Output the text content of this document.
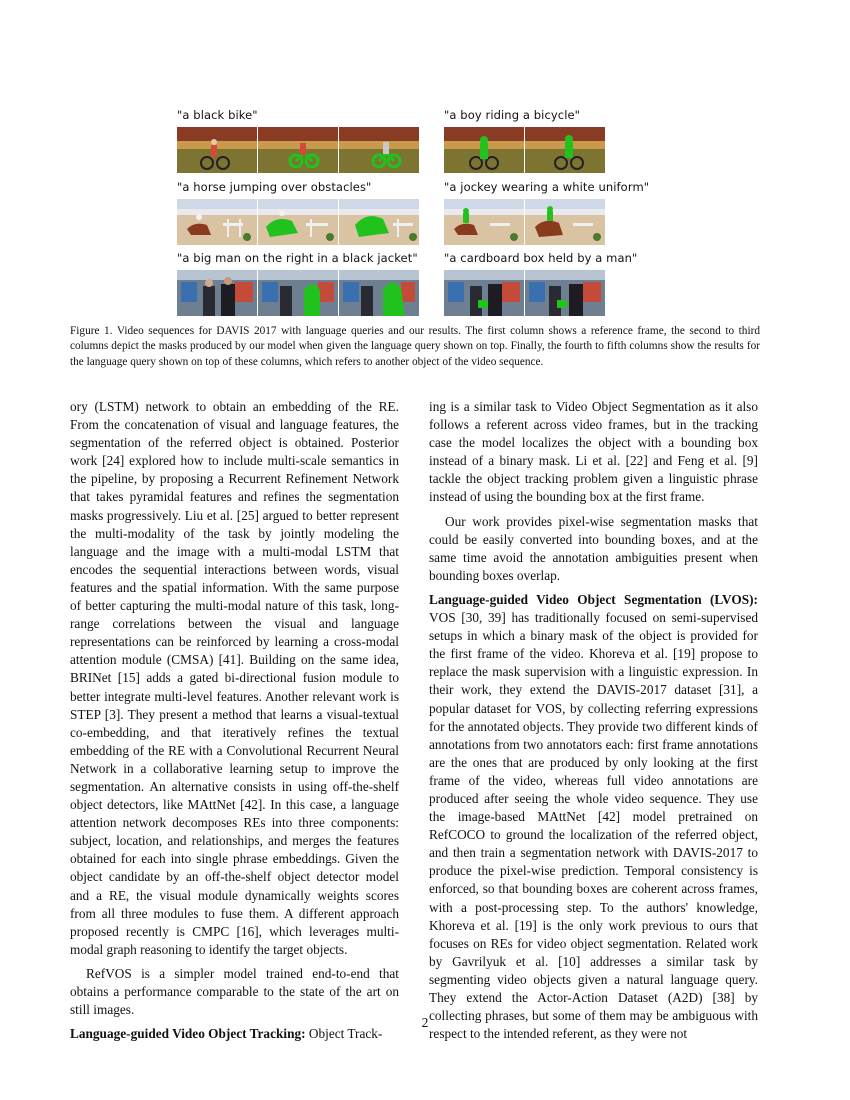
"a black bike"	"a boy riding a bicycle"
"a horse jumping over obstacles"	"a jockey wearing a white uniform"
"a big man on the right in a black jacket" "a cardboard box held by a man"
Figure 1. Video sequences for DAVIS 2017 with language queries and our results. The first column shows a reference frame, the second to third columns depict the masks produced by our model when given the language query shown on top. Finally, the fourth to fifth columns show the results for the language query shown on top of these columns, which refers to another object of the video sequence.

ory (LSTM) network to obtain an embedding of the RE. From the concatenation of visual and language features, the segmentation of the referred object is obtained. Posterior work [24] explored how to include multi-scale semantics in the pipeline, by proposing a Recurrent Refinement Network that takes pyramidal features and refines the segmentation masks progressively. Liu et al. [25] argued to better represent the multi-modality of the task by jointly modeling the language and the image with a multi-modal LSTM that encodes the sequential interactions between words, visual features and the spatial information. With the same purpose of better capturing the multi-modal nature of this task, long-range correlations between the visual and language representations can be reinforced by learning a cross-modal attention module (CMSA) [41]. Building on the same idea, BRINet [15] adds a gated bi-directional fusion module to better integrate multi-level features. Another relevant work is STEP [3]. They present a method that learns a visual-textual co-embedding, and that iteratively refines the textual embedding of the RE with a Convolutional Recurrent Neural Network in a collaborative learning setup to improve the segmentation. An alternative consists in using off-the-shelf object detectors, like MAttNet [42]. In this case, a language attention network decomposes REs into three components: subject, location, and relationships, and merges the features obtained for each into single phrase embeddings. Given the object candidate by an off-the-shelf object detector model and a RE, the visual module dynamically weights scores from all three modules to fuse them. A different approach proposed recently is CMPC [16], which leverages multi-modal graph reasoning to identify the target objects.

RefVOS is a simpler model trained end-to-end that obtains a performance comparable to the state of the art on still images.

Language-guided Video Object Tracking: Object Track-

ing is a similar task to Video Object Segmentation as it also follows a referent across video frames, but in the tracking case the model localizes the object with a bounding box instead of a binary mask. Li et al. [22] and Feng et al. [9] tackle the object tracking problem given a linguistic phrase instead of using the bounding box at the first frame.

Our work provides pixel-wise segmentation masks that could be easily converted into bounding boxes, and at the same time avoid the annotation ambiguities present when bounding boxes overlap.

Language-guided Video Object Segmentation (LVOS): VOS [30, 39] has traditionally focused on semi-supervised setups in which a binary mask of the object is provided for the first frame of the video. Khoreva et al. [19] propose to replace the mask supervision with a linguistic expression. In their work, they extend the DAVIS-2017 dataset [31], a popular dataset for VOS, by collecting referring expressions for the annotated objects. They provide two different kinds of annotations from two annotators each: first frame annotations are the ones that are produced by only looking at the first frame of the video, whereas full video annotations are produced after seeing the whole video sequence. They use the image-based MAttNet [42] model pretrained on RefCOCO to ground the localization of the referred object, and then train a segmentation network with DAVIS-2017 to produce the pixel-wise prediction. Temporal consistency is enforced, so that bounding boxes are coherent across frames, with a post-processing step. To the authors' knowledge, Khoreva et al. [19] is the only work previous to ours that focuses on REs for video object segmentation. Related work by Gavrilyuk et al. [10] addresses a similar task by segmenting video objects given a natural language query. They extend the Actor-Action Dataset (A2D) [38] by collecting phrases, but some of them may be ambiguous with respect to the intended referent, as they were not

2
